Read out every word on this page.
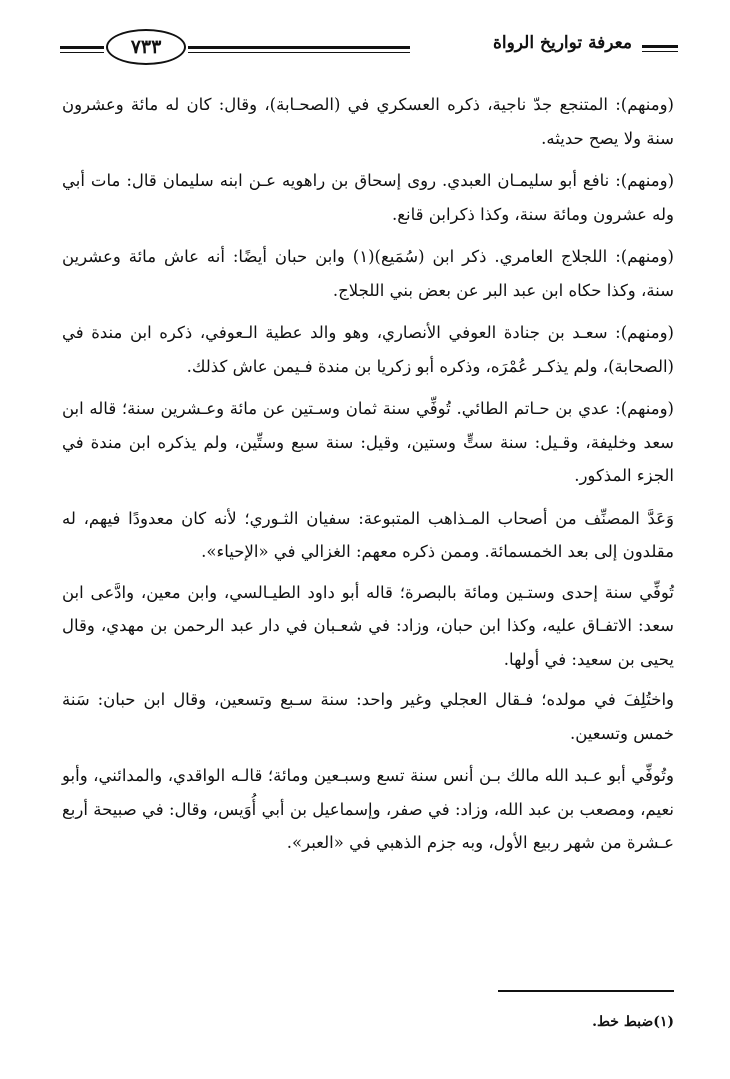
معرفة تواريخ الرواة
٧٣٣

(ومنهم): المتنجع جدّ ناجية، ذكره العسكري في (الصحـابة)، وقال: كان له مائة وعشرون سنة ولا يصح حديثه.

(ومنهم): نافع أبو سليمـان العبدي. روى إسحاق بن راهويه عـن ابنه سليمان قال: مات أبي وله عشرون ومائة سنة، وكذا ذكرابن قانع.

(ومنهم): اللجلاج العامري. ذكر ابن (سُمَيع)(١) وابن حبان أيضًا: أنه عاش مائة وعشرين سنة، وكذا حكاه ابن عبد البر عن بعض بني اللجلاج.

(ومنهم): سعـد بن جنادة العوفي الأنصاري، وهو والد عطية الـعوفي، ذكره ابن مندة في (الصحابة)، ولم يذكـر عُمْرَه، وذكره أبو زكريا بن مندة فـيمن عاش كذلك.

(ومنهم): عدي بن حـاتم الطائي. تُوفِّي سنة ثمان وسـتين عن مائة وعـشرين سنة؛ قاله ابن سعد وخليفة، وقـيل: سنة ستٍّ وستين، وقيل: سنة سبع وستِّين، ولم يذكره ابن مندة في الجزء المذكور.

وَعَدَّ المصنِّف من أصحاب المـذاهب المتبوعة: سفيان الثـوري؛ لأنه كان معدودًا فيهم، له مقلدون إلى بعد الخمسمائة. وممن ذكره معهم: الغزالي في «الإحياء».

تُوفِّي سنة إحدى وستـين ومائة بالبصرة؛ قاله أبو داود الطيـالسي، وابن معين، وادَّعى ابن سعد: الاتفـاق عليه، وكذا ابن حبان، وزاد: في شعـبان في دار عبد الرحمن بن مهدي، وقال يحيى بن سعيد: في أولها.

واختُلِفَ في مولده؛ فـقال العجلي وغير واحد: سنة سـبع وتسعين، وقال ابن حبان: سَنة خمس وتسعين.

وتُوفِّي أبو عـبد الله مالك بـن أنس سنة تسع وسبـعين ومائة؛ قالـه الواقدي، والمدائني، وأبو نعيم، ومصعب بن عبد الله، وزاد: في صفر، وإسماعيل بن أبي أُوَيس، وقال: في صبيحة أربع عـشرة من شهر ربيع الأول، وبه جزم الذهبي في «العبر».

(١)ضبط خط.
